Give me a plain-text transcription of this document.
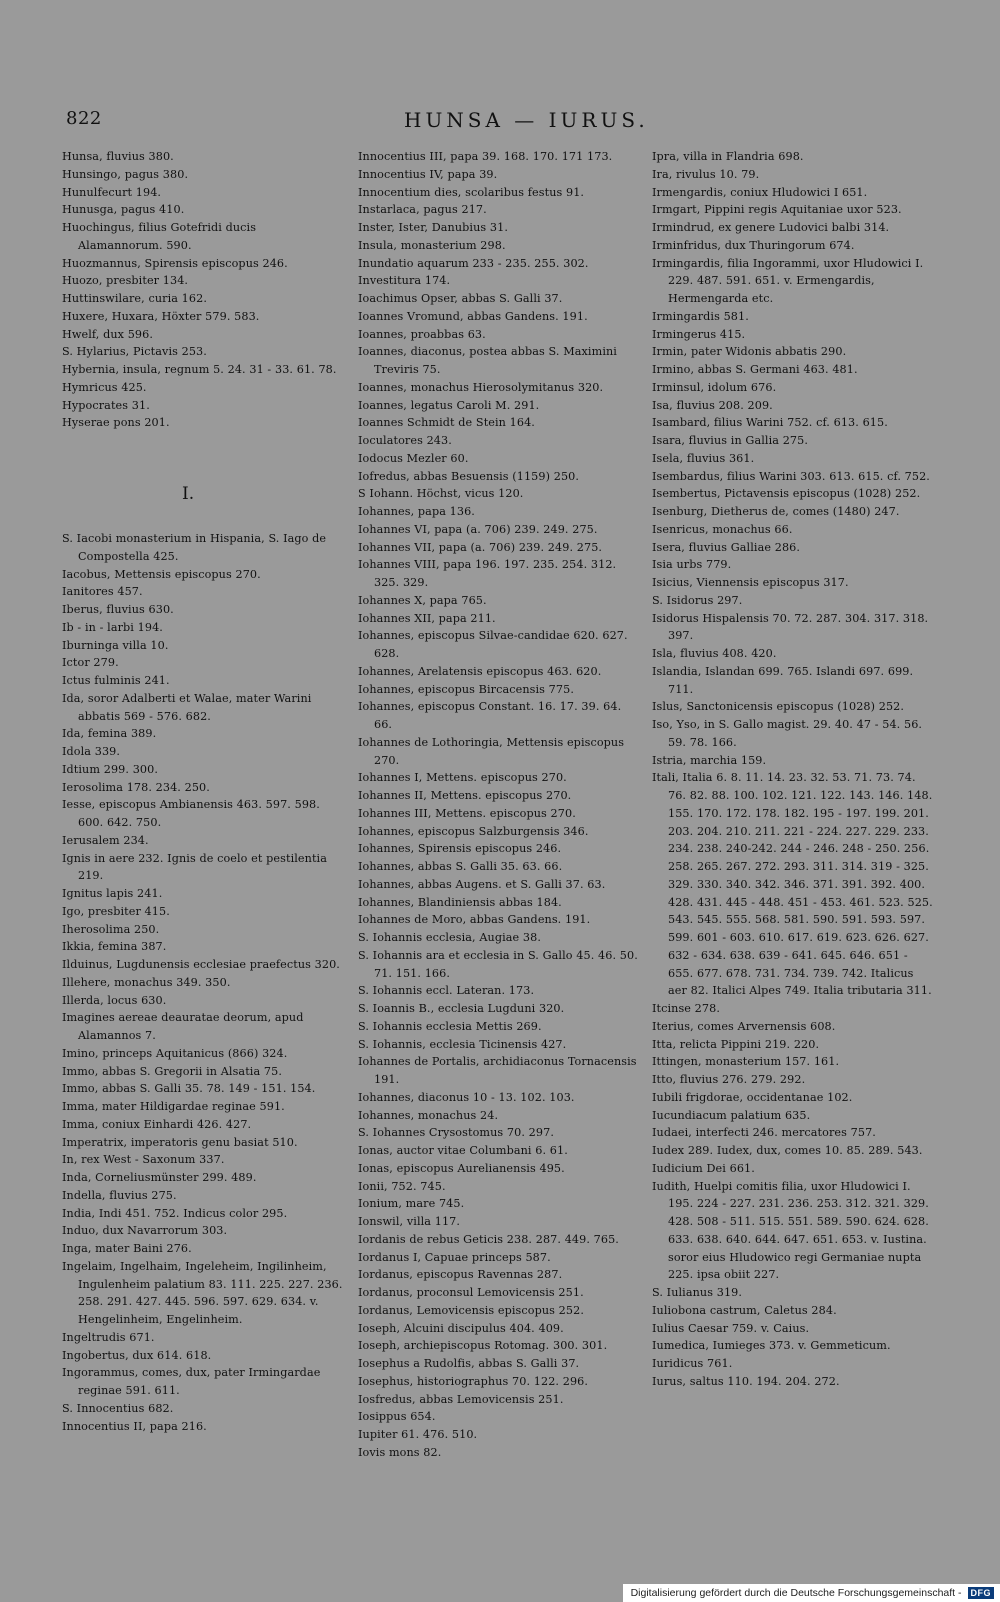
822	HUNSA — IURUS.
Hunsa, fluvius 380.
Hunsingo, pagus 380.
Hunulfecurt 194.
Hunusga, pagus 410.
Huochingus, filius Gotefridi ducis Alamannorum. 590.
Huozmannus, Spirensis episcopus 246.
Huozo, presbiter 134.
Huttinswilare, curia 162.
Huxere, Huxara, Höxter 579. 583.
Hwelf, dux 596.
S. Hylarius, Pictavis 253.
Hybernia, insula, regnum 5. 24. 31 - 33. 61. 78.
Hymricus 425.
Hypocrates 31.
Hyserae pons 201.
I.
S. Iacobi monasterium in Hispania, S. Iago de Compostella 425.
Iacobus, Mettensis episcopus 270.
Ianitores 457.
Iberus, fluvius 630.
Ib - in - larbi 194.
Iburninga villa 10.
Ictor 279.
Ictus fulminis 241.
Ida, soror Adalberti et Walae, mater Warini abbatis 569 - 576. 682.
Ida, femina 389.
Idola 339.
Idtium 299. 300.
Ierosolima 178. 234. 250.
Iesse, episcopus Ambianensis 463. 597. 598. 600. 642. 750.
Ierusalem 234.
Ignis in aere 232. Ignis de coelo et pestilentia 219.
Ignitus lapis 241.
Igo, presbiter 415.
Iherosolima 250.
Ikkia, femina 387.
Ilduinus, Lugdunensis ecclesiae praefectus 320.
Illehere, monachus 349. 350.
Illerda, locus 630.
Imagines aereae deauratae deorum, apud Alamannos 7.
Imino, princeps Aquitanicus (866) 324.
Immo, abbas S. Gregorii in Alsatia 75.
Immo, abbas S. Galli 35. 78. 149 - 151. 154.
Imma, mater Hildigardae reginae 591.
Imma, coniux Einhardi 426. 427.
Imperatrix, imperatoris genu basiat 510.
In, rex West - Saxonum 337.
Inda, Corneliusmünster 299. 489.
Indella, fluvius 275.
India, Indi 451. 752. Indicus color 295.
Induo, dux Navarrorum 303.
Inga, mater Baini 276.
Ingelaim, Ingelhaim, Ingeleheim, Ingilinheim, Ingulenheim palatium 83. 111. 225. 227. 236. 258. 291. 427. 445. 596. 597. 629. 634. v. Hengelinheim, Engelinheim.
Ingeltrudis 671.
Ingobertus, dux 614. 618.
Ingorammus, comes, dux, pater Irmingardae reginae 591. 611.
S. Innocentius 682.
Innocentius II, papa 216.
Innocentius III, papa 39. 168. 170. 171 173.
Innocentius IV, papa 39.
Innocentium dies, scolaribus festus 91.
Instarlaca, pagus 217.
Inster, Ister, Danubius 31.
Insula, monasterium 298.
Inundatio aquarum 233 - 235. 255. 302.
Investitura 174.
Ioachimus Opser, abbas S. Galli 37.
Ioannes Vromund, abbas Gandens. 191.
Ioannes, proabbas 63.
Ioannes, diaconus, postea abbas S. Maximini Treviris 75.
Ioannes, monachus Hierosolymitanus 320.
Ioannes, legatus Caroli M. 291.
Ioannes Schmidt de Stein 164.
Ioculatores 243.
Iodocus Mezler 60.
Iofredus, abbas Besuensis (1159) 250.
S Iohann. Höchst, vicus 120.
Iohannes, papa 136.
Iohannes VI, papa (a. 706) 239. 249. 275.
Iohannes VII, papa (a. 706) 239. 249. 275.
Iohannes VIII, papa 196. 197. 235. 254. 312. 325. 329.
Iohannes X, papa 765.
Iohannes XII, papa 211.
Iohannes, episcopus Silvae-candidae 620. 627. 628.
Iohannes, Arelatensis episcopus 463. 620.
Iohannes, episcopus Bircacensis 775.
Iohannes, episcopus Constant. 16. 17. 39. 64. 66.
Iohannes de Lothoringia, Mettensis episcopus 270.
Iohannes I, Mettens. episcopus 270.
Iohannes II, Mettens. episcopus 270.
Iohannes III, Mettens. episcopus 270.
Iohannes, episcopus Salzburgensis 346.
Iohannes, Spirensis episcopus 246.
Iohannes, abbas S. Galli 35. 63. 66.
Iohannes, abbas Augens. et S. Galli 37. 63.
Iohannes, Blandiniensis abbas 184.
Iohannes de Moro, abbas Gandens. 191.
S. Iohannis ecclesia, Augiae 38.
S. Iohannis ara et ecclesia in S. Gallo 45. 46. 50. 71. 151. 166.
S. Iohannis eccl. Lateran. 173.
S. Ioannis B., ecclesia Lugduni 320.
S. Iohannis ecclesia Mettis 269.
S. Iohannis, ecclesia Ticinensis 427.
Iohannes de Portalis, archidiaconus Tornacensis 191.
Iohannes, diaconus 10 - 13. 102. 103.
Iohannes, monachus 24.
S. Iohannes Crysostomus 70. 297.
Ionas, auctor vitae Columbani 6. 61.
Ionas, episcopus Aurelianensis 495.
Ionii, 752. 745.
Ionium, mare 745.
Ionswil, villa 117.
Iordanis de rebus Geticis 238. 287. 449. 765.
Iordanus I, Capuae princeps 587.
Iordanus, episcopus Ravennas 287.
Iordanus, proconsul Lemovicensis 251.
Iordanus, Lemovicensis episcopus 252.
Ioseph, Alcuini discipulus 404. 409.
Ioseph, archiepiscopus Rotomag. 300. 301.
Iosephus a Rudolfis, abbas S. Galli 37.
Iosephus, historiographus 70. 122. 296.
Iosfredus, abbas Lemovicensis 251.
Iosippus 654.
Iupiter 61. 476. 510.
Iovis mons 82.
Ipra, villa in Flandria 698.
Ira, rivulus 10. 79.
Irmengardis, coniux Hludowici I 651.
Irmgart, Pippini regis Aquitaniae uxor 523.
Irmindrud, ex genere Ludovici balbi 314.
Irminfridus, dux Thuringorum 674.
Irmingardis, filia Ingorammi, uxor Hludowici I. 229. 487. 591. 651. v. Ermengardis, Hermengarda etc.
Irmingardis 581.
Irmingerus 415.
Irmin, pater Widonis abbatis 290.
Irmino, abbas S. Germani 463. 481.
Irminsul, idolum 676.
Isa, fluvius 208. 209.
Isambard, filius Warini 752. cf. 613. 615.
Isara, fluvius in Gallia 275.
Isela, fluvius 361.
Isembardus, filius Warini 303. 613. 615. cf. 752.
Isembertus, Pictavensis episcopus (1028) 252.
Isenburg, Dietherus de, comes (1480) 247.
Isenricus, monachus 66.
Isera, fluvius Galliae 286.
Isia urbs 779.
Isicius, Viennensis episcopus 317.
S. Isidorus 297.
Isidorus Hispalensis 70. 72. 287. 304. 317. 318. 397.
Isla, fluvius 408. 420.
Islandia, Islandan 699. 765. Islandi 697. 699. 711.
Islus, Sanctonicensis episcopus (1028) 252.
Iso, Yso, in S. Gallo magist. 29. 40. 47 - 54. 56. 59. 78. 166.
Istria, marchia 159.
Itali, Italia 6. 8. 11. 14. 23. 32. 53. 71. 73. 74. 76. 82. 88. 100. 102. 121. 122. 143. 146. 148. 155. 170. 172. 178. 182. 195 - 197. 199. 201. 203. 204. 210. 211. 221 - 224. 227. 229. 233. 234. 238. 240-242. 244 - 246. 248 - 250. 256. 258. 265. 267. 272. 293. 311. 314. 319 - 325. 329. 330. 340. 342. 346. 371. 391. 392. 400. 428. 431. 445 - 448. 451 - 453. 461. 523. 525. 543. 545. 555. 568. 581. 590. 591. 593. 597. 599. 601 - 603. 610. 617. 619. 623. 626. 627. 632 - 634. 638. 639 - 641. 645. 646. 651 - 655. 677. 678. 731. 734. 739. 742. Italicus aer 82. Italici Alpes 749. Italia tributaria 311.
Itcinse 278.
Iterius, comes Arvernensis 608.
Itta, relicta Pippini 219. 220.
Ittingen, monasterium 157. 161.
Itto, fluvius 276. 279. 292.
Iubili frigdorae, occidentanae 102.
Iucundiacum palatium 635.
Iudaei, interfecti 246. mercatores 757.
Iudex 289. Iudex, dux, comes 10. 85. 289. 543.
Iudicium Dei 661.
Iudith, Huelpi comitis filia, uxor Hludowici I. 195. 224 - 227. 231. 236. 253. 312. 321. 329. 428. 508 - 511. 515. 551. 589. 590. 624. 628. 633. 638. 640. 644. 647. 651. 653. v. Iustina. soror eius Hludowico regi Germaniae nupta 225. ipsa obiit 227.
S. Iulianus 319.
Iuliobona castrum, Caletus 284.
Iulius Caesar 759. v. Caius.
Iumedica, Iumieges 373. v. Gemmeticum.
Iuridicus 761.
Iurus, saltus 110. 194. 204. 272.
Digitalisierung gefördert durch die Deutsche Forschungsgemeinschaft -	DFG
